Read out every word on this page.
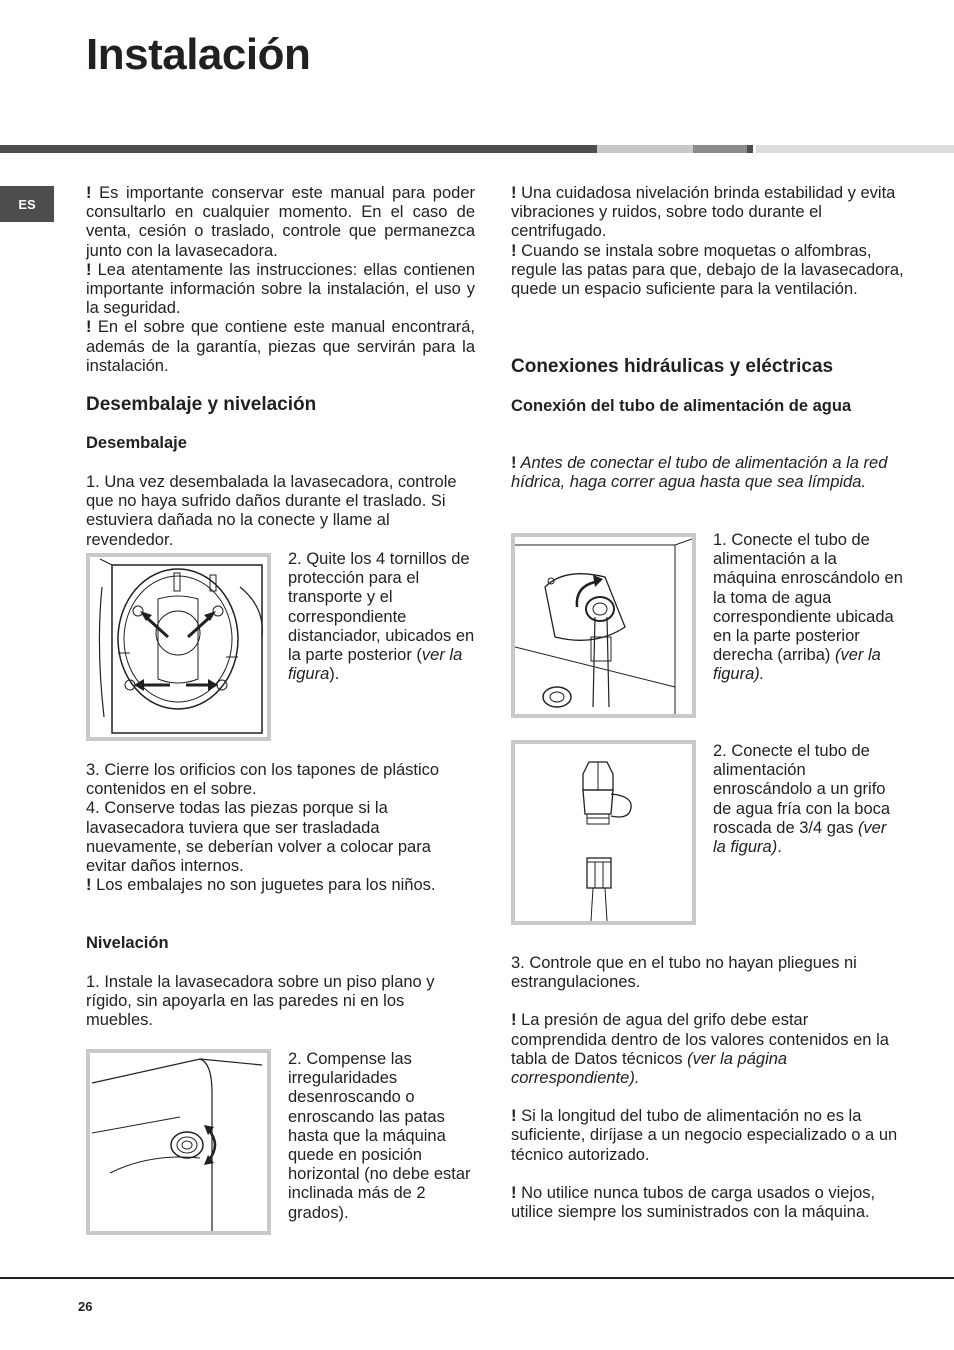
Instalación
ES

! Es importante conservar este manual para poder consultarlo en cualquier momento. En el caso de venta, cesión o traslado, controle que permanezca junto con la lavasecadora.

! Lea atentamente las instrucciones: ellas contienen importante información sobre la instalación, el uso y la seguridad.

! En el sobre que contiene este manual encontrará, además de la garantía, piezas que servirán para la instalación.

Desembalaje y nivelación
Desembalaje

1. Una vez desembalada la lavasecadora, controle que no haya sufrido daños durante el traslado. Si estuviera dañada no la conecte y llame al revendedor.

2. Quite los 4 tornillos de protección para el transporte y el correspondiente distanciador, ubicados en la parte posterior (ver la figura).

3. Cierre los orificios con los tapones de plástico contenidos en el sobre.

4. Conserve todas las piezas porque si la lavasecadora tuviera que ser trasladada nuevamente, se deberían volver a colocar para evitar daños internos.

! Los embalajes no son juguetes para los niños.

Nivelación

1. Instale la lavasecadora sobre un piso plano y rígido, sin apoyarla en las paredes ni en los muebles.

2. Compense las irregularidades desenroscando o enroscando las patas hasta que la máquina quede en posición horizontal (no debe estar inclinada más de 2 grados).

! Una cuidadosa nivelación brinda estabilidad y evita vibraciones y ruidos, sobre todo durante el centrifugado.

! Cuando se instala sobre moquetas o alfombras, regule las patas para que, debajo de la lavasecadora, quede un espacio suficiente para la ventilación.

Conexiones hidráulicas y eléctricas
Conexión del tubo de alimentación de agua

! Antes de conectar el tubo de alimentación a la red hídrica, haga correr agua hasta que sea límpida.

1. Conecte el tubo de alimentación a la máquina enroscándolo en la toma de agua correspondiente ubicada en la parte posterior derecha (arriba) (ver la figura).

2. Conecte el tubo de alimentación enroscándolo a un grifo de agua fría con la boca roscada de 3/4 gas (ver la figura).

3. Controle que en el tubo no hayan pliegues ni estrangulaciones.

! La presión de agua del grifo debe estar comprendida dentro de los valores contenidos en la tabla de Datos técnicos (ver la página correspondiente).

! Si la longitud del tubo de alimentación no es la suficiente, diríjase a un negocio especializado o a un técnico autorizado.

! No utilice nunca tubos de carga usados o viejos, utilice siempre los suministrados con la máquina.

26
